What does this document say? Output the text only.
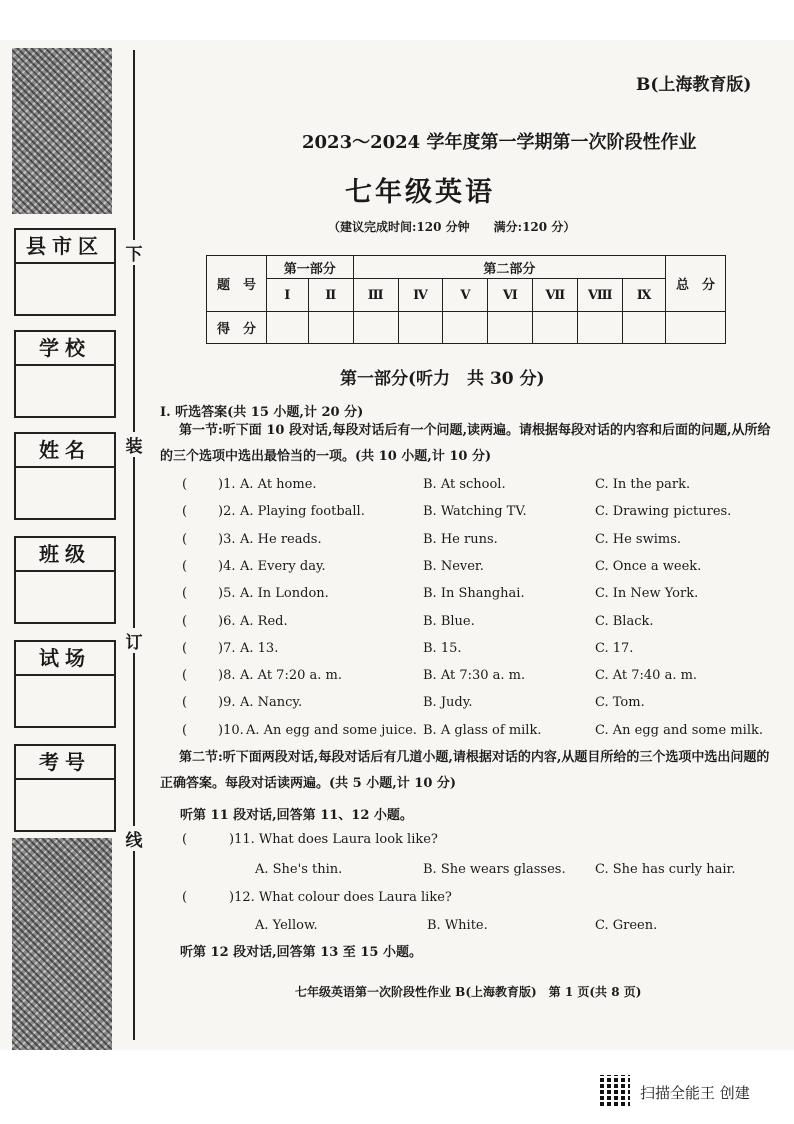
下
装
订
线
县市区
学校
姓名
班级
试场
考号
B(上海教育版)
2023～2024 学年度第一学期第一次阶段性作业
七年级英语
（建议完成时间:120 分钟　　满分:120 分）
题　号	第一部分		第二部分							总　分
	Ⅰ	Ⅱ	Ⅲ	Ⅳ	Ⅴ	Ⅵ	Ⅶ	Ⅷ	Ⅸ	
得　分										
第一部分(听力　共 30 分)
Ⅰ. 听选答案(共 15 小题,计 20 分)
第一节:听下面 10 段对话,每段对话后有一个问题,读两遍。请根据每段对话的内容和后面的问题,从所给的三个选项中选出最恰当的一项。(共 10 小题,计 10 分)
( )1. A. At home.	B. At school.	C. In the park.
( )2. A. Playing football.	B. Watching TV.	C. Drawing pictures.
( )3. A. He reads.	B. He runs.	C. He swims.
( )4. A. Every day.	B. Never.	C. Once a week.
( )5. A. In London.	B. In Shanghai.	C. In New York.
( )6. A. Red.	B. Blue.	C. Black.
( )7. A. 13.	B. 15.	C. 17.
( )8. A. At 7:20 a. m.	B. At 7:30 a. m.	C. At 7:40 a. m.
( )9. A. Nancy.	B. Judy.	C. Tom.
( )10. A. An egg and some juice. B. A glass of milk.	C. An egg and some milk.
第二节:听下面两段对话,每段对话后有几道小题,请根据对话的内容,从题目所给的三个选项中选出问题的正确答案。每段对话读两遍。(共 5 小题,计 10 分)
听第 11 段对话,回答第 11、12 小题。
(	)11. What does Laura look like?
A. She's thin.	B. She wears glasses. C. She has curly hair.
(	)12. What colour does Laura like?
A. Yellow.	B. White.	C. Green.
听第 12 段对话,回答第 13 至 15 小题。
七年级英语第一次阶段性作业 B(上海教育版)　第 1 页(共 8 页)
扫描全能王 创建
